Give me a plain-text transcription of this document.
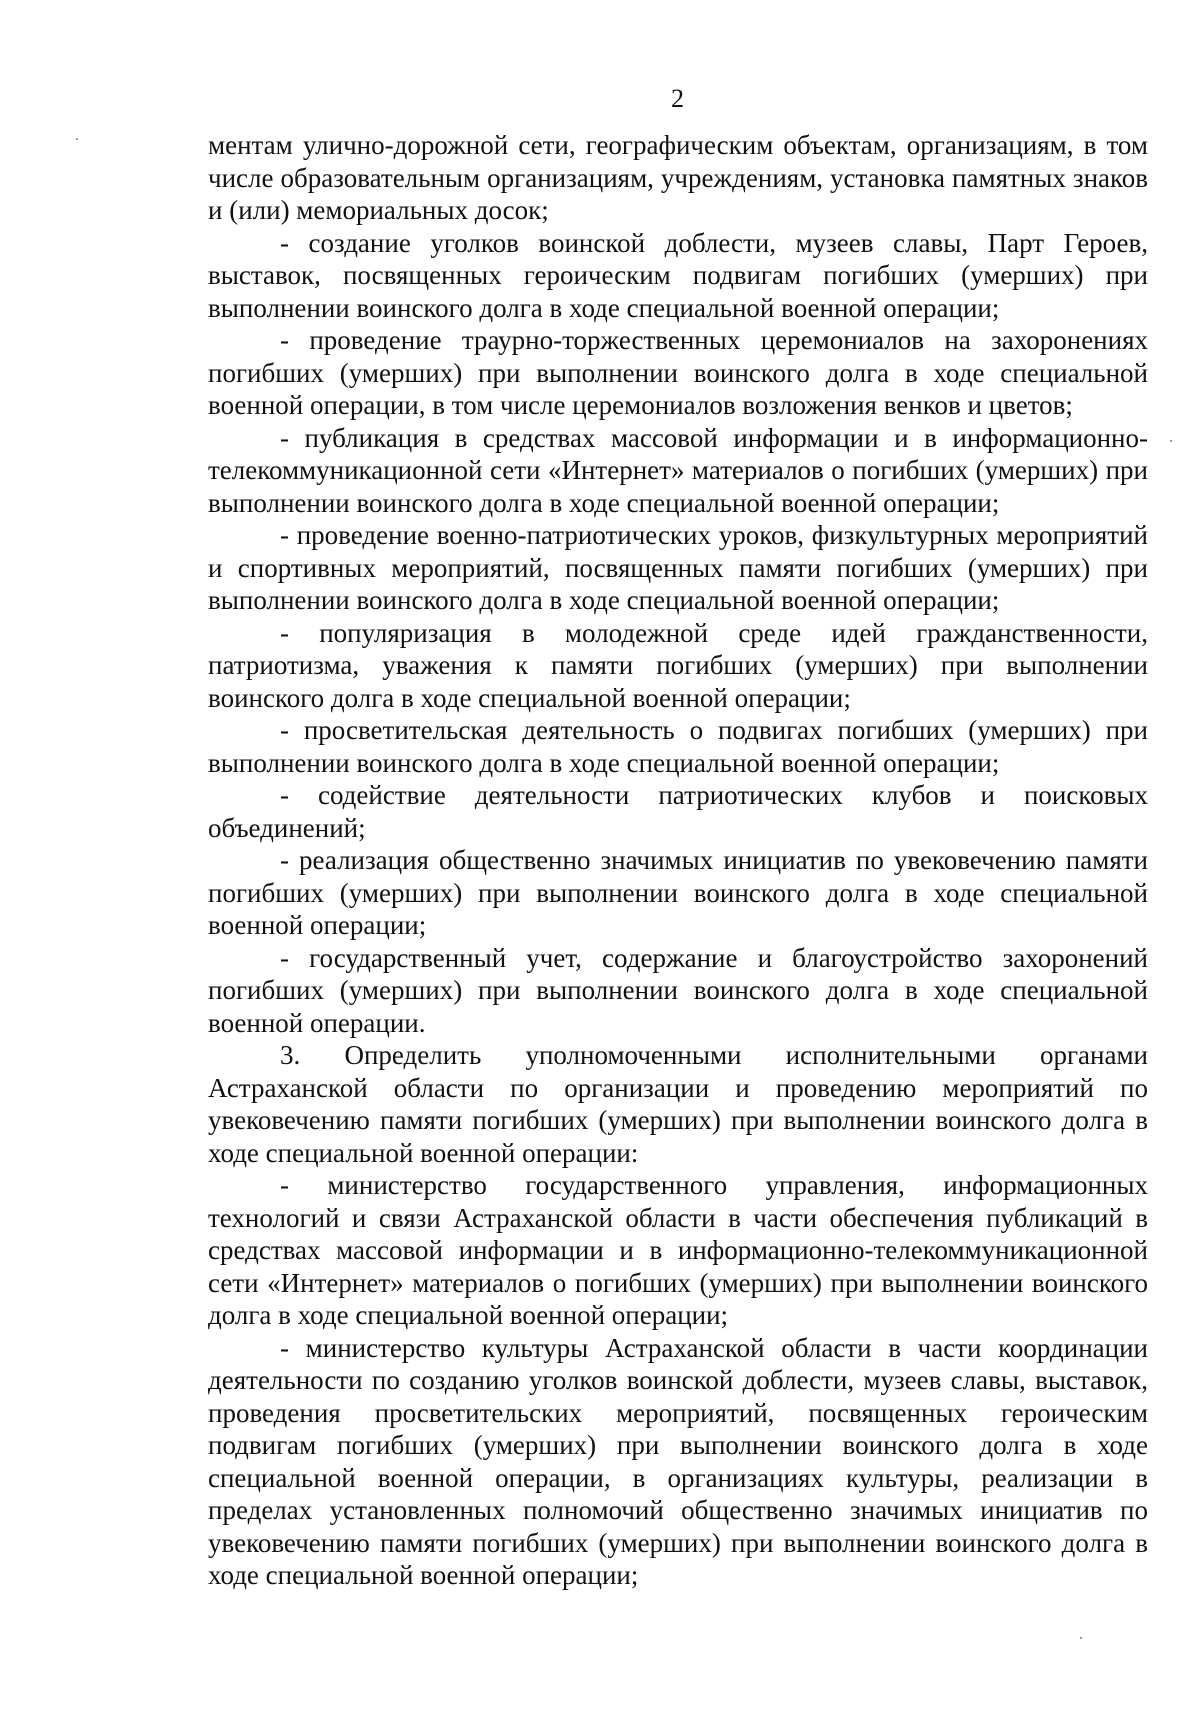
2

ментам улично-дорожной сети, географическим объектам, организациям, в том числе образовательным организациям, учреждениям, установка памятных знаков и (или) мемориальных досок;

- создание уголков воинской доблести, музеев славы, Парт Героев, выставок, посвященных героическим подвигам погибших (умерших) при выполнении воинского долга в ходе специальной военной операции;

- проведение траурно-торжественных церемониалов на захоронениях погибших (умерших) при выполнении воинского долга в ходе специальной военной операции, в том числе церемониалов возложения венков и цветов;

- публикация в средствах массовой информации и в информационно-телекоммуникационной сети «Интернет» материалов о погибших (умерших) при выполнении воинского долга в ходе специальной военной операции;

- проведение военно-патриотических уроков, физкультурных мероприятий и спортивных мероприятий, посвященных памяти погибших (умерших) при выполнении воинского долга в ходе специальной военной операции;

- популяризация в молодежной среде идей гражданственности, патриотизма, уважения к памяти погибших (умерших) при выполнении воинского долга в ходе специальной военной операции;

- просветительская деятельность о подвигах погибших (умерших) при выполнении воинского долга в ходе специальной военной операции;

- содействие деятельности патриотических клубов и поисковых объединений;

- реализация общественно значимых инициатив по увековечению памяти погибших (умерших) при выполнении воинского долга в ходе специальной военной операции;

- государственный учет, содержание и благоустройство захоронений погибших (умерших) при выполнении воинского долга в ходе специальной военной операции.

3. Определить уполномоченными исполнительными органами Астраханской области по организации и проведению мероприятий по увековечению памяти погибших (умерших) при выполнении воинского долга в ходе специальной военной операции:

- министерство государственного управления, информационных технологий и связи Астраханской области в части обеспечения публикаций в средствах массовой информации и в информационно-телекоммуникационной сети «Интернет» материалов о погибших (умерших) при выполнении воинского долга в ходе специальной военной операции;

- министерство культуры Астраханской области в части координации деятельности по созданию уголков воинской доблести, музеев славы, выставок, проведения просветительских мероприятий, посвященных героическим подвигам погибших (умерших) при выполнении воинского долга в ходе специальной военной операции, в организациях культуры, реализации в пределах установленных полномочий общественно значимых инициатив по увековечению памяти погибших (умерших) при выполнении воинского долга в ходе специальной военной операции;
